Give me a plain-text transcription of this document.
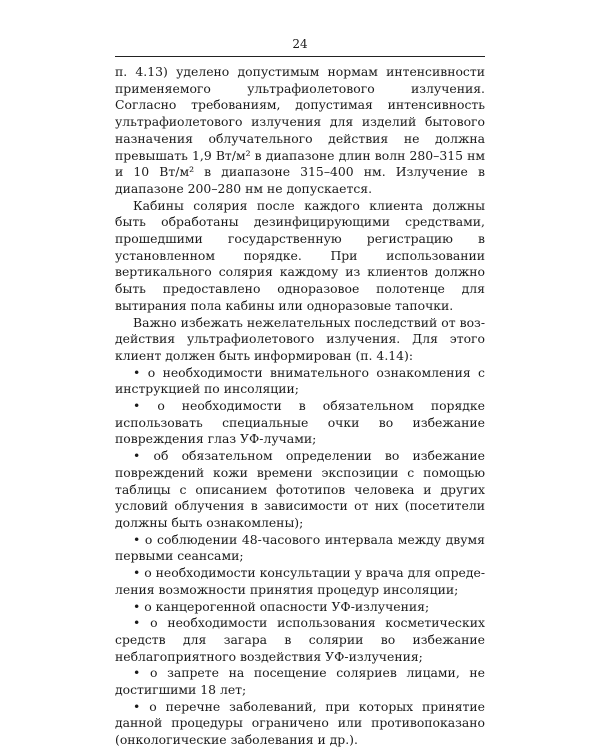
24

п. 4.13) уделено допустимым нормам интенсивности применяемого ультрафиолетового излучения. Согласно требованиям, допустимая интенсивность ультрафиолетового излучения для изделий бытового назначения облучательного действия не должна превышать 1,9 Вт/м² в диапазоне длин волн 280–315 нм и 10 Вт/м² в диапазоне 315–400 нм. Излучение в диапазоне 200–280 нм не допускается.

Кабины солярия после каждого клиента должны быть обработаны дезинфицирующими средствами, прошедшими государственную регистрацию в установленном порядке. При использовании вертикального солярия каждому из клиентов должно быть предоставлено одноразовое полотенце для вытирания пола кабины или одноразовые тапочки.

Важно избежать нежелательных последствий от воздействия ультрафиолетового излучения. Для этого клиент должен быть информирован (п. 4.14):

• о необходимости внимательного ознакомления с инструкцией по инсоляции;

• о необходимости в обязательном порядке использовать специальные очки во избежание повреждения глаз УФ-лучами;

• об обязательном определении во избежание повреждений кожи времени экспозиции с помощью таблицы с описанием фототипов человека и других условий облучения в зависимости от них (посетители должны быть ознакомлены);

• о соблюдении 48-часового интервала между двумя первыми сеансами;

• о необходимости консультации у врача для определения возможности принятия процедур инсоляции;

• о канцерогенной опасности УФ-излучения;

• о необходимости использования косметических средств для загара в солярии во избежание неблагоприятного воздействия УФ-излучения;

• о запрете на посещение соляриев лицами, не достигшими 18 лет;

• о перечне заболеваний, при которых принятие данной процедуры ограничено или противопоказано (онкологические заболевания и др.).
